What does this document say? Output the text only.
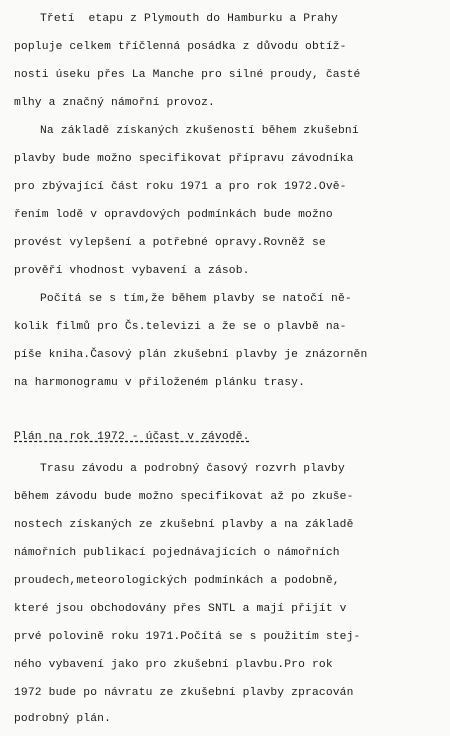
Třetí  etapu z Plymouth do Hamburku a Prahy
popluje celkem tříčlenná posádka z důvodu obtíž-
nosti úseku přes La Manche pro silné proudy, časté
mlhy a značný námořní provoz.
Na základě získaných zkušeností během zkušební
plavby bude možno specifikovat přípravu závodníka
pro zbývající část roku 1971 a pro rok 1972.Ově-
řením lodě v opravdových podmínkách bude možno
provést vylepšení a potřebné opravy.Rovněž se
prověří vhodnost vybavení a zásob.
Počítá se s tím,že během plavby se natočí ně-
kolik filmů pro Čs.televizi a že se o plavbě na-
píše kniha.Časový plán zkušební plavby je znázorněn
na harmonogramu v přiloženém plánku trasy.
Plán na rok 1972 - účast v závodě.
Trasu závodu a podrobný časový rozvrh plavby
během závodu bude možno specifikovat až po zkuše-
nostech získaných ze zkušební plavby a na základě
námořních publikací pojednávajících o námořních
proudech,meteorologických podmínkách a podobně,
které jsou obchodovány přes SNTL a mají přijít v
prvé polovině roku 1971.Počítá se s použitím stej-
ného vybavení jako pro zkušební plavbu.Pro rok
1972 bude po návratu ze zkušební plavby zpracován
podrobný plán.
